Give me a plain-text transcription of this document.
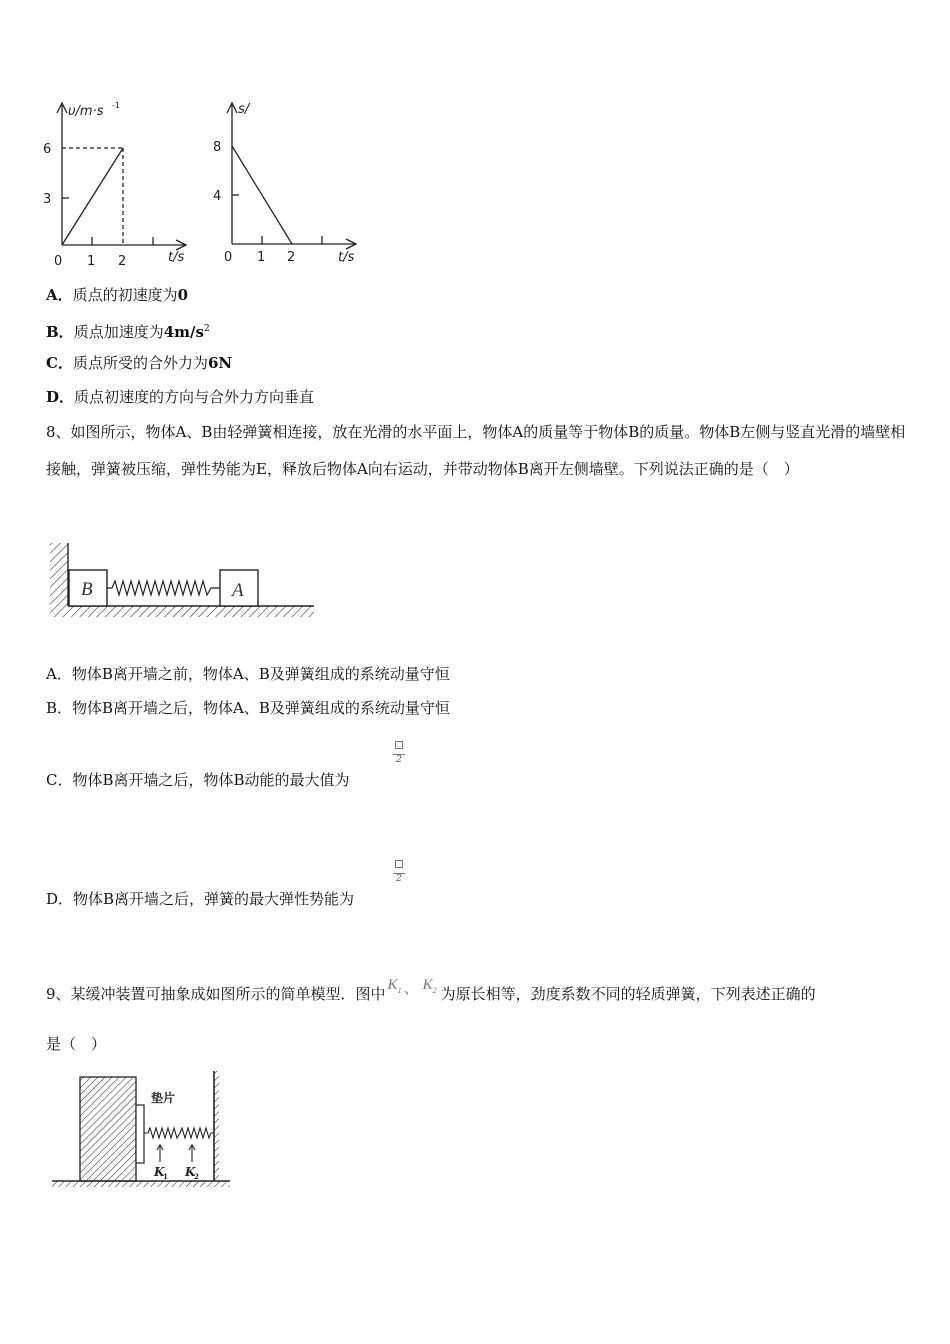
υ/m·s -1
6
3
0 1 2	t/s
s/
8
4
0 1 2	t/s
A．质点的初速度为0
B．质点加速度为$4m/s^2$
C．质点所受的合外力为6N
D．质点初速度的方向与合外力方向垂直
8、如图所示，物体A、B由轻弹簧相连接，放在光滑的水平面上，物体A的质量等于物体B的质量。物体B左侧与竖直光滑的墙壁相接触，弹簧被压缩，弹性势能为E，释放后物体A向右运动，并带动物体B离开左侧墙壁。下列说法正确的是（　）
B	A
A．物体B离开墙之前，物体A、B及弹簧组成的系统动量守恒
B．物体B离开墙之后，物体A、B及弹簧组成的系统动量守恒
2
C．物体B离开墙之后，物体B动能的最大值为
2
D．物体B离开墙之后，弹簧的最大弹性势能为
9、某缓冲装置可抽象成如图所示的简单模型．图中 $K_1$ 、 $K_2$ 为原长相等，劲度系数不同的轻质弹簧，下列表述正确的
是（　）
垫片
K
1 K
2
